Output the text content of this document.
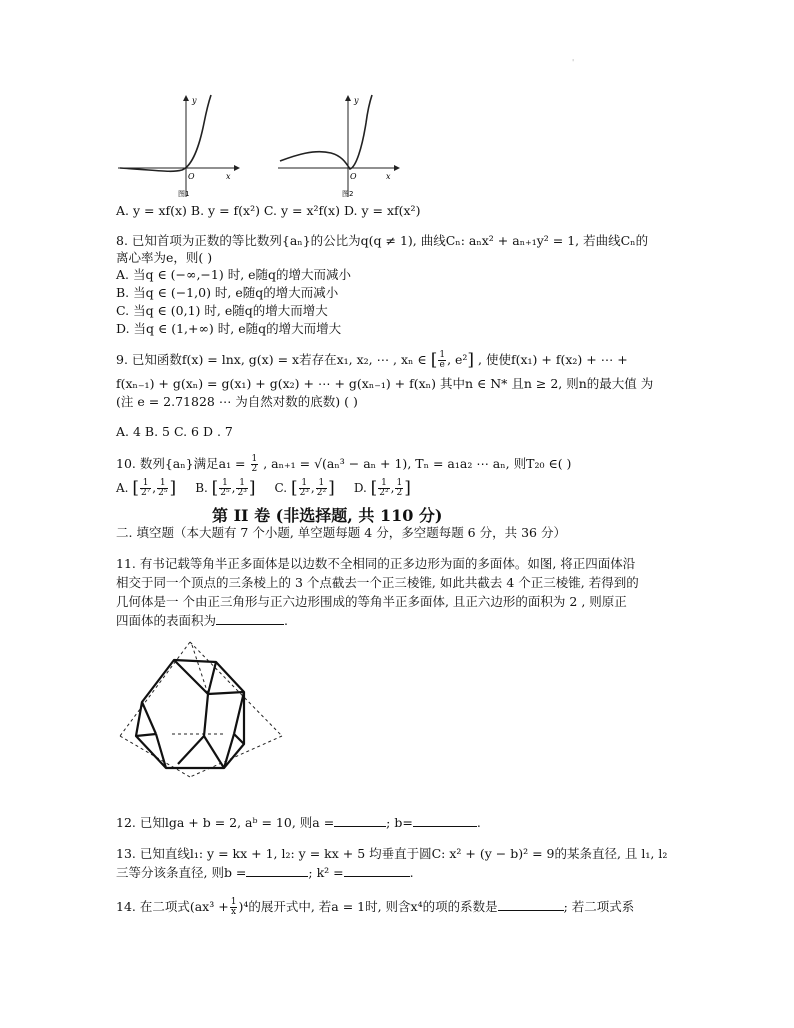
'
y
x
O
图1
y
x
O
图2
A. y = xf(x) B. y = f(x²) C. y = x²f(x) D. y = xf(x²)
8. 已知首项为正数的等比数列{aₙ}的公比为q(q ≠ 1), 曲线Cₙ: aₙx² + aₙ₊₁y² = 1, 若曲线Cₙ的
离心率为e，则( )
A. 当q ∈ (−∞,−1) 时, e随q的增大而减小
B. 当q ∈ (−1,0) 时, e随q的增大而减小
C. 当q ∈ (0,1) 时, e随q的增大而增大
D. 当q ∈ (1,+∞) 时, e随q的增大而增大
9. 已知函数f(x) = lnx, g(x) = x若存在x₁, x₂, ⋯ , xₙ ∈ [ $\frac{1}{e}$ , e²] , 使使f(x₁) + f(x₂) + ⋯ +
f(xₙ₋₁) + g(xₙ) = g(x₁) + g(x₂) + ⋯ + g(xₙ₋₁) + f(xₙ) 其中n ∈ N* 且n ≥ 2, 则n的最大值 为
(注 e = 2.71828 ⋯ 为自然对数的底数) ( )
A. 4 B. 5 C. 6 D . 7
10. 数列{aₙ}满足$a_1 = \frac{1}{2}$ , aₙ₊₁ = √(aₙ³ − aₙ + 1), Tₙ = a₁a₂ ⋯ aₙ, 则T₂₀ ∈( )
A. [ $\frac{1}{\text{2⁷}}$ , $\frac{1}{\text{2⁵}}$ ] B. [ $\frac{1}{\text{2⁵}}$ , $\frac{1}{\text{2³}}$ ] C. [ $\frac{1}{\text{2³}}$ , $\frac{1}{\text{2²}}$ ] D. [ $\frac{1}{\text{2²}}$ , $\frac{1}{2}$ ]
第 II 卷 (非选择题, 共 110 分)
二. 填空题（本大题有 7 个小题, 单空题每题 4 分，多空题每题 6 分，共 36 分）
11. 有书记载等角半正多面体是以边数不全相同的正多边形为面的多面体。如图, 将正四面体沿
相交于同一个顶点的三条棱上的 3 个点截去一个正三棱锥, 如此共截去 4 个正三棱锥, 若得到的
几何体是一 个由正三角形与正六边形围成的等角半正多面体, 且正六边形的面积为 2 , 则原正
四面体的表面积为	.
12. 已知lga + b = 2, aᵇ = 10, 则a =	; b=	.
13. 已知直线l₁: y = kx + 1, l₂: y = kx + 5 均垂直于圆C: x² + (y − b)² = 9的某条直径, 且 l₁, l₂
三等分该条直径, 则b =	; k² =	.
14. 在二项式$(ax^3 + \frac{1}{x} )^4$的展开式中, 若a = 1时, 则含x⁴的项的系数是	; 若二项式系
